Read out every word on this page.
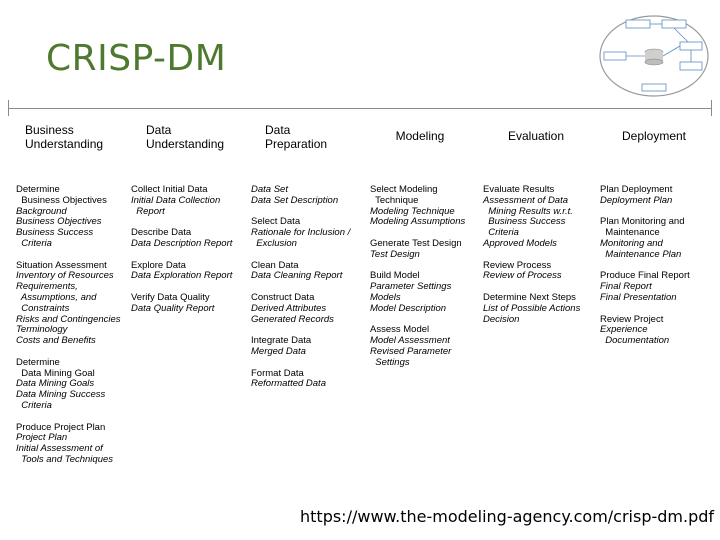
CRISP-DM
Business
Understanding
Data
Understanding
Data
Preparation
Modeling	Evaluation	Deployment
Determine
Business Objectives
Background
Business Objectives
Business Success
Criteria
Situation Assessment
Inventory of Resources
Requirements,
Assumptions, and
Constraints
Risks and Contingencies
Terminology
Costs and Benefits
Determine
Data Mining Goal
Data Mining Goals
Data Mining Success
Criteria
Produce Project Plan
Project Plan
Initial Assessment of
Tools and Techniques
Collect Initial Data
Initial Data Collection
Report
Describe Data
Data Description Report
Explore Data
Data Exploration Report
Verify Data Quality
Data Quality Report
Data Set
Data Set Description
Select Data
Rationale for Inclusion /
Exclusion
Clean Data
Data Cleaning Report
Construct Data
Derived Attributes
Generated Records
Integrate Data
Merged Data
Format Data
Reformatted Data
Select Modeling
Technique
Modeling Technique
Modeling Assumptions
Generate Test Design
Test Design
Build Model
Parameter Settings
Models
Model Description
Assess Model
Model Assessment
Revised Parameter
Settings
Evaluate Results
Assessment of Data
Mining Results w.r.t.
Business Success
Criteria
Approved Models
Review Process
Review of Process
Determine Next Steps
List of Possible Actions
Decision
Plan Deployment
Deployment Plan
Plan Monitoring and
Maintenance
Monitoring and
Maintenance Plan
Produce Final Report
Final Report
Final Presentation
Review Project
Experience
Documentation
https://www.the-modeling-agency.com/crisp-dm.pdf
